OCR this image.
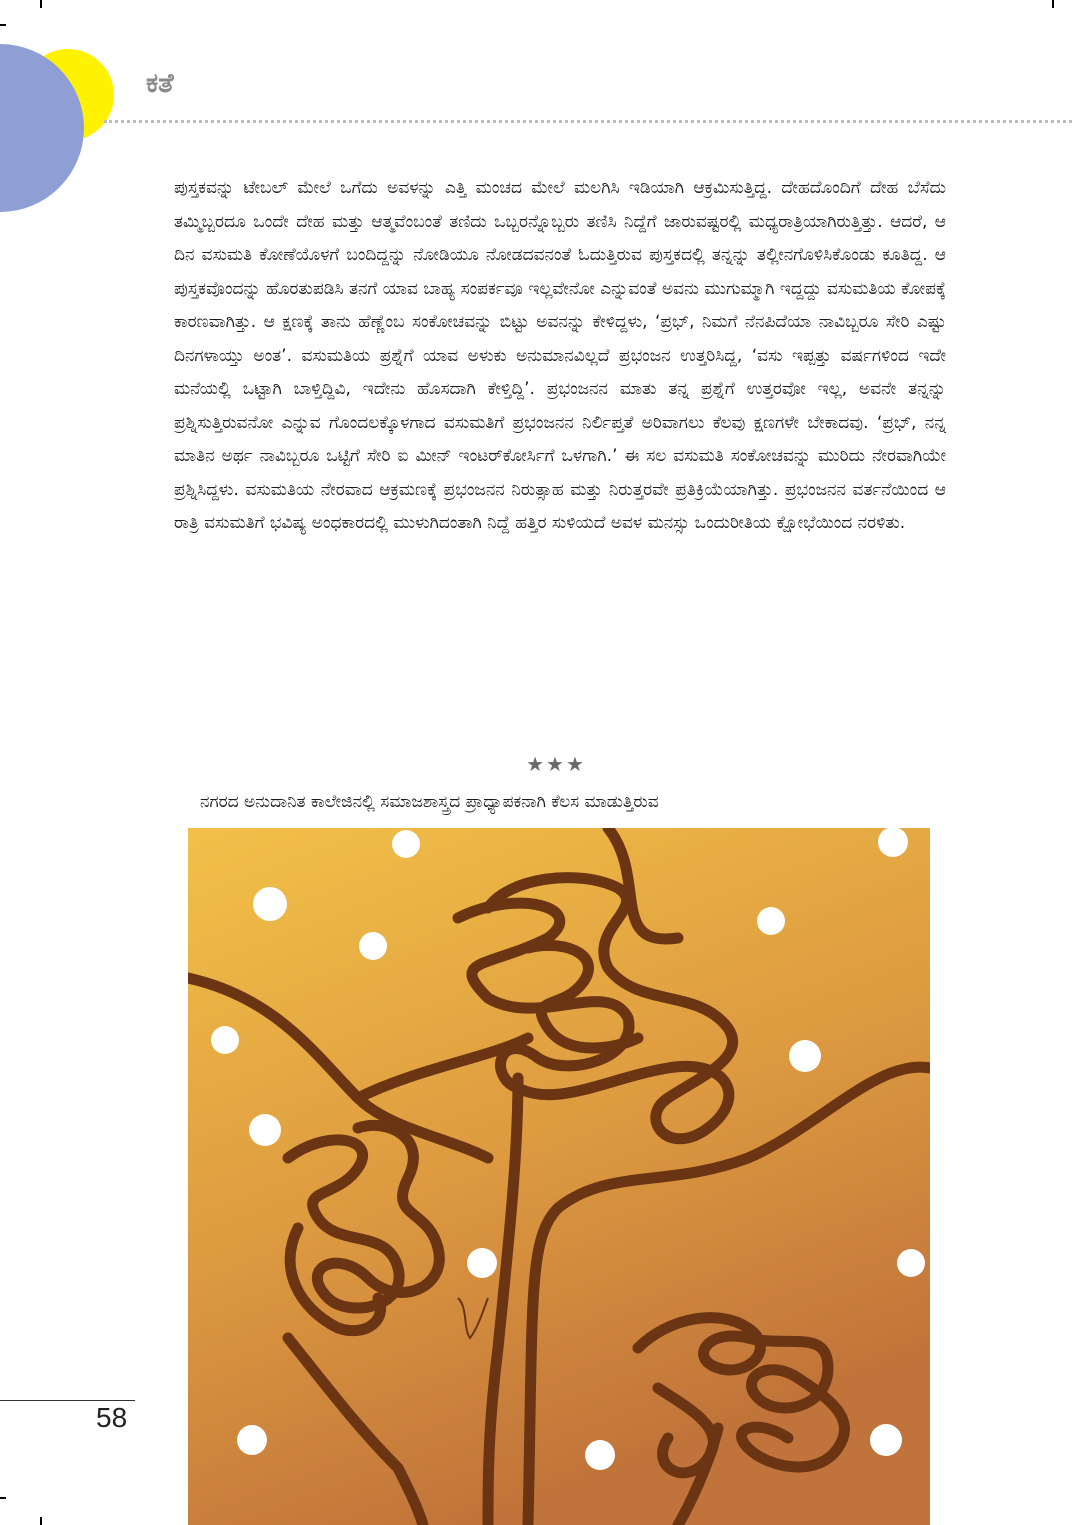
ಕತೆ

ಪುಸ್ತಕವನ್ನು ಟೇಬಲ್ ಮೇಲೆ ಒಗೆದು ಅವಳನ್ನು ಎತ್ತಿ ಮಂಚದ ಮೇಲೆ ಮಲಗಿಸಿ ಇಡಿಯಾಗಿ ಆಕ್ರಮಿಸುತ್ತಿದ್ದ. ದೇಹದೊಂದಿಗೆ ದೇಹ ಬೆಸೆದು ತಮ್ಮಿಬ್ಬರದೂ ಒಂದೇ ದೇಹ ಮತ್ತು ಆತ್ಮವೆಂಬಂತೆ ತಣಿದು ಒಬ್ಬರನ್ನೊಬ್ಬರು ತಣಿಸಿ ನಿದ್ದೆಗೆ ಜಾರುವಷ್ಟರಲ್ಲಿ ಮಧ್ಯರಾತ್ರಿಯಾಗಿರುತ್ತಿತ್ತು. ಆದರೆ, ಆ ದಿನ ವಸುಮತಿ ಕೋಣೆಯೊಳಗೆ ಬಂದಿದ್ದನ್ನು ನೋಡಿಯೂ ನೋಡದವನಂತೆ ಓದುತ್ತಿರುವ ಪುಸ್ತಕದಲ್ಲಿ ತನ್ನನ್ನು ತಲ್ಲೀನಗೊಳಿಸಿಕೊಂಡು ಕೂತಿದ್ದ. ಆ ಪುಸ್ತಕವೊಂದನ್ನು ಹೊರತುಪಡಿಸಿ ತನಗೆ ಯಾವ ಬಾಹ್ಯ ಸಂಪರ್ಕವೂ ಇಲ್ಲವೇನೋ ಎನ್ನುವಂತೆ ಅವನು ಮುಗುಮ್ಮಾಗಿ ಇದ್ದದ್ದು ವಸುಮತಿಯ ಕೋಪಕ್ಕೆ ಕಾರಣವಾಗಿತ್ತು. ಆ ಕ್ಷಣಕ್ಕೆ ತಾನು ಹೆಣ್ಣೆಂಬ ಸಂಕೋಚವನ್ನು ಬಿಟ್ಟು ಅವನನ್ನು ಕೇಳಿದ್ದಳು, ‘ಪ್ರಭ್, ನಿಮಗೆ ನೆನಪಿದೆಯಾ ನಾವಿಬ್ಬರೂ ಸೇರಿ ಎಷ್ಟು ದಿನಗಳಾಯ್ತು ಅಂತ’. ವಸುಮತಿಯ ಪ್ರಶ್ನೆಗೆ ಯಾವ ಅಳುಕು ಅನುಮಾನವಿಲ್ಲದೆ ಪ್ರಭಂಜನ ಉತ್ತರಿಸಿದ್ದ, ‘ವಸು ಇಪ್ಪತ್ತು ವರ್ಷಗಳಿಂದ ಇದೇ ಮನೆಯಲ್ಲಿ ಒಟ್ಟಾಗಿ ಬಾಳ್ತಿದ್ದಿವಿ, ಇದೇನು ಹೊಸದಾಗಿ ಕೇಳ್ತಿದ್ದಿ’. ಪ್ರಭಂಜನನ ಮಾತು ತನ್ನ ಪ್ರಶ್ನೆಗೆ ಉತ್ತರವೋ ಇಲ್ಲ, ಅವನೇ ತನ್ನನ್ನು ಪ್ರಶ್ನಿಸುತ್ತಿರುವನೋ ಎನ್ನುವ ಗೊಂದಲಕ್ಕೊಳಗಾದ ವಸುಮತಿಗೆ ಪ್ರಭಂಜನನ ನಿರ್ಲಿಪ್ತತೆ ಅರಿವಾಗಲು ಕೆಲವು ಕ್ಷಣಗಳೇ ಬೇಕಾದವು. ‘ಪ್ರಭ್, ನನ್ನ ಮಾತಿನ ಅರ್ಥ ನಾವಿಬ್ಬರೂ ಒಟ್ಟಿಗೆ ಸೇರಿ ಐ ಮೀನ್ ಇಂಟರ್‌ಕೋರ್ಸಿಗೆ ಒಳಗಾಗಿ.’ ಈ ಸಲ ವಸುಮತಿ ಸಂಕೋಚವನ್ನು ಮುರಿದು ನೇರವಾಗಿಯೇ ಪ್ರಶ್ನಿಸಿದ್ದಳು. ವಸುಮತಿಯ ನೇರವಾದ ಆಕ್ರಮಣಕ್ಕೆ ಪ್ರಭಂಜನನ ನಿರುತ್ಸಾಹ ಮತ್ತು ನಿರುತ್ತರವೇ ಪ್ರತಿಕ್ರಿಯೆಯಾಗಿತ್ತು. ಪ್ರಭಂಜನನ ವರ್ತನೆಯಿಂದ ಆ ರಾತ್ರಿ ವಸುಮತಿಗೆ ಭವಿಷ್ಯ ಅಂಧಕಾರದಲ್ಲಿ ಮುಳುಗಿದಂತಾಗಿ ನಿದ್ದೆ ಹತ್ತಿರ ಸುಳಿಯದೆ ಅವಳ ಮನಸ್ಸು ಒಂದುರೀತಿಯ ಕ್ಷೋಭೆಯಿಂದ ನರಳಿತು.

★★★

ನಗರದ ಅನುದಾನಿತ ಕಾಲೇಜಿನಲ್ಲಿ ಸಮಾಜಶಾಸ್ತ್ರದ ಪ್ರಾಧ್ಯಾಪಕನಾಗಿ ಕೆಲಸ ಮಾಡುತ್ತಿರುವ

58
